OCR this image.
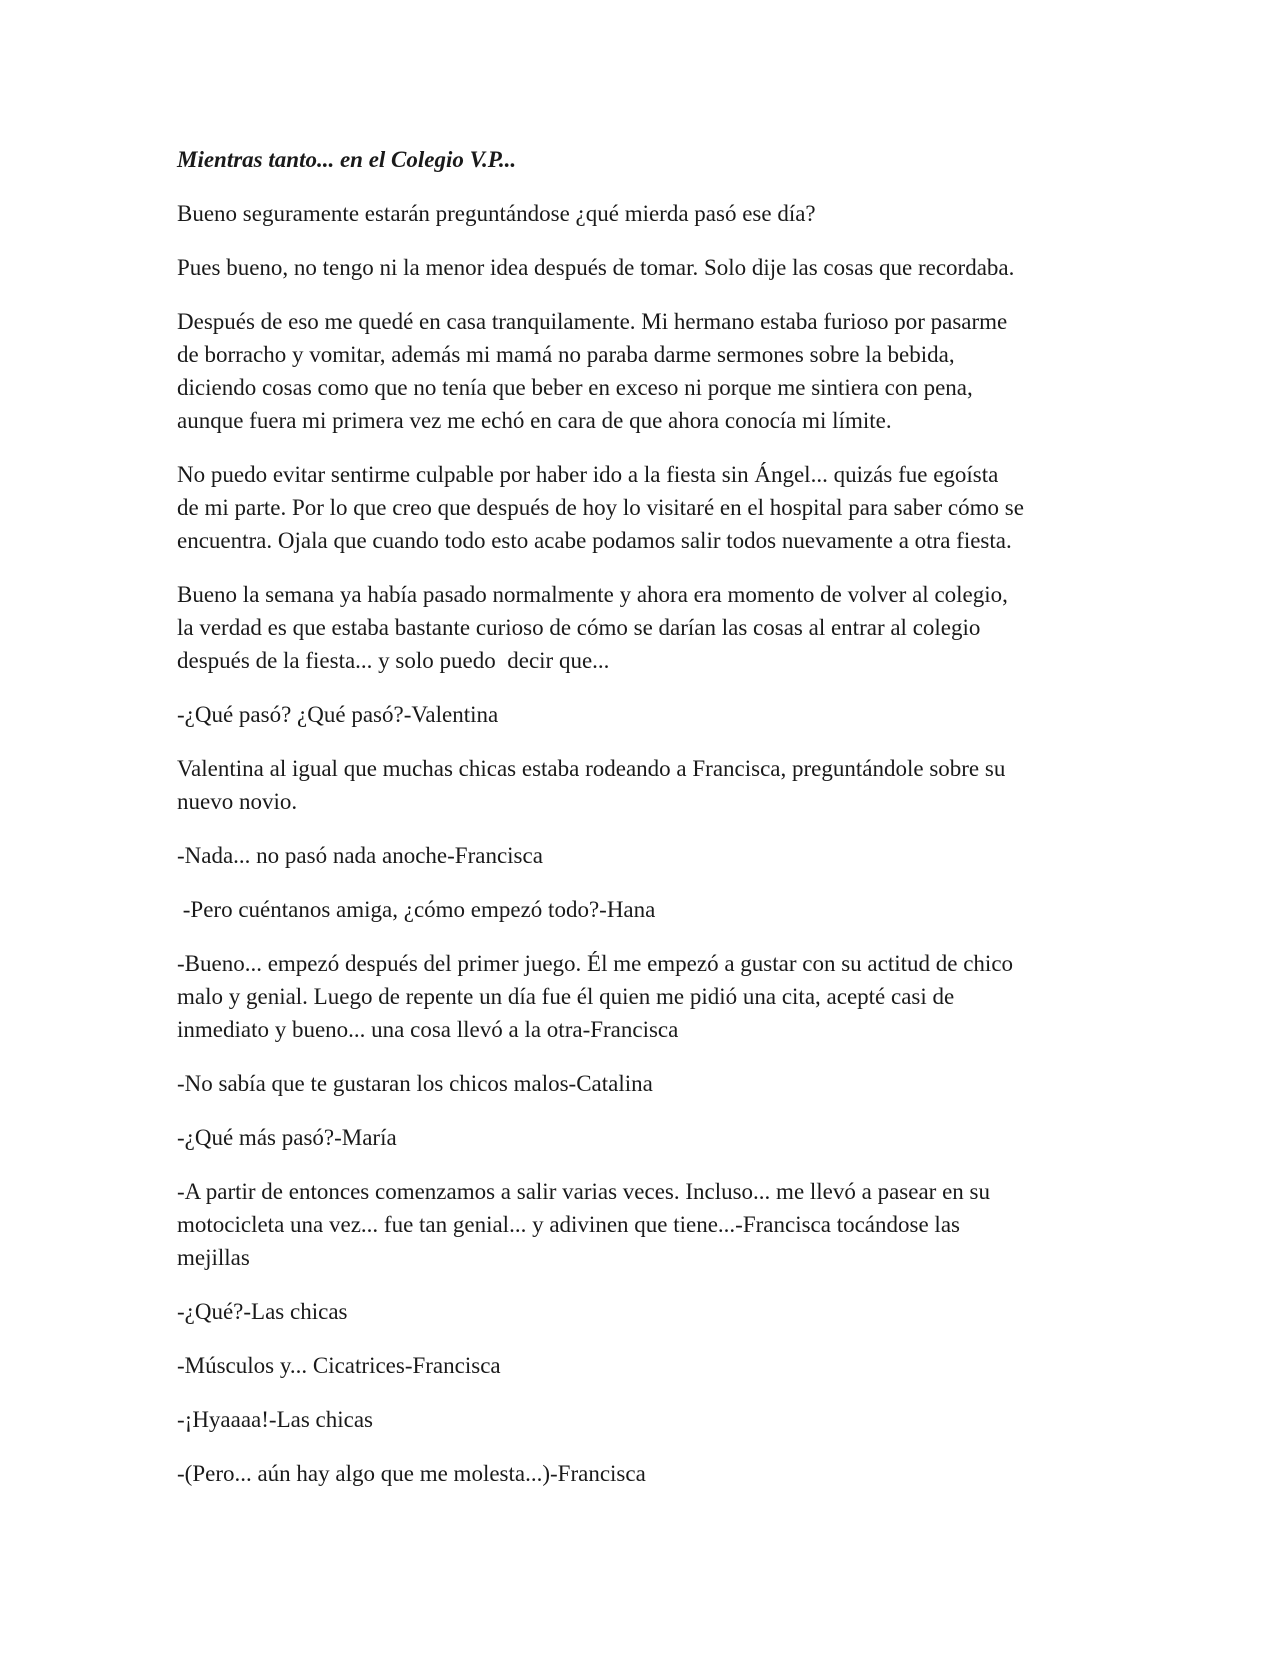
Mientras tanto... en el Colegio V.P...
Bueno seguramente estarán preguntándose ¿qué mierda pasó ese día?
Pues bueno, no tengo ni la menor idea después de tomar. Solo dije las cosas que recordaba.
Después de eso me quedé en casa tranquilamente. Mi hermano estaba furioso por pasarme
de borracho y vomitar, además mi mamá no paraba darme sermones sobre la bebida,
diciendo cosas como que no tenía que beber en exceso ni porque me sintiera con pena,
aunque fuera mi primera vez me echó en cara de que ahora conocía mi límite.
No puedo evitar sentirme culpable por haber ido a la fiesta sin Ángel... quizás fue egoísta
de mi parte. Por lo que creo que después de hoy lo visitaré en el hospital para saber cómo se
encuentra. Ojala que cuando todo esto acabe podamos salir todos nuevamente a otra fiesta.
Bueno la semana ya había pasado normalmente y ahora era momento de volver al colegio,
la verdad es que estaba bastante curioso de cómo se darían las cosas al entrar al colegio
después de la fiesta... y solo puedo  decir que...
-¿Qué pasó? ¿Qué pasó?-Valentina
Valentina al igual que muchas chicas estaba rodeando a Francisca, preguntándole sobre su
nuevo novio.
-Nada... no pasó nada anoche-Francisca
-Pero cuéntanos amiga, ¿cómo empezó todo?-Hana
-Bueno... empezó después del primer juego. Él me empezó a gustar con su actitud de chico
malo y genial. Luego de repente un día fue él quien me pidió una cita, acepté casi de
inmediato y bueno... una cosa llevó a la otra-Francisca
-No sabía que te gustaran los chicos malos-Catalina
-¿Qué más pasó?-María
-A partir de entonces comenzamos a salir varias veces. Incluso... me llevó a pasear en su
motocicleta una vez... fue tan genial... y adivinen que tiene...-Francisca tocándose las
mejillas
-¿Qué?-Las chicas
-Músculos y... Cicatrices-Francisca
-¡Hyaaaa!-Las chicas
-(Pero... aún hay algo que me molesta...)-Francisca
